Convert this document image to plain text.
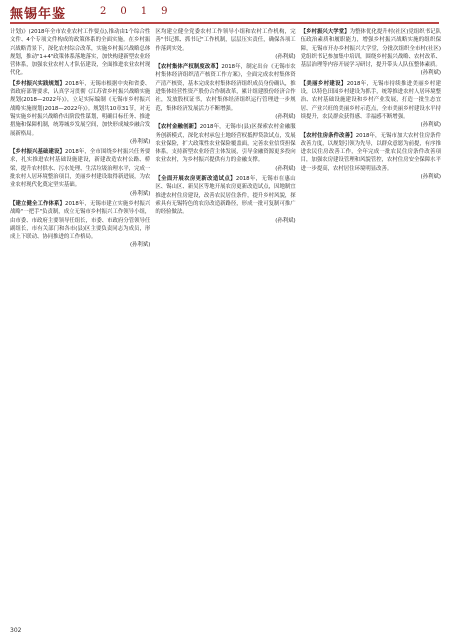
無锡年鉴	2019
计划)》(2018年全市农业农村工作要点),推动由1个综合性文件、4个专项文件构成的政策体系的全面实施。在乡村振兴战略背景下，深化农村综合改革，实施乡村振兴战略总体规划，推动"1+4"政策体系落地落实，加快构建新型农业经营体系，加强农业农村人才队伍建设，全面推进农业农村现代化。
【乡村振兴实践规划】2018年，无锡市根据中央和省委、省政府部署要求，认真学习贯彻《江苏省乡村振兴战略实施规划(2018—2022年)》，立足实际编制《无锡市乡村振兴战略实施规划(2018—2022年)》。规划共10章31节，对无锡实施乡村振兴战略作出阶段性谋划，明确目标任务、推进措施和保障机制，统筹城乡发展空间，加快形成城乡融合发展新格局。
(孙利斌)
【乡村振兴基础建设】2018年，全市围绕乡村振兴任务要求，扎实推进农村基础设施建设，新建改造农村公路、桥梁，提升农村供水、污水处理、生活垃圾治理水平，完成一批农村人居环境整治项目，美丽乡村建设取得新进展，为农业农村现代化奠定坚实基础。
(孙利斌)
【建立健全工作体系】2018年，无锡市建立实施乡村振兴战略"一把手"负责制，成立无锡市乡村振兴工作领导小组，由市委、市政府主要领导任组长，市委、市政府分管领导任副组长，市有关部门和各市(县)区主要负责同志为成员，形成上下联动、协同推进的工作格局。
(孙利斌)
区均建立健全党委农村工作领导小组和农村工作机构，完善"书记抓、抓书记"工作机制，层层压实责任，确保各项工作落到实处。
(孙利斌)
【农村集体产权制度改革】2018年，制定出台《无锡市农村集体经济组织清产核资工作方案》，全面完成农村集体资产清产核资，基本完成农村集体经济组织成员身份确认，推进集体经营性资产股份合作制改革，累计组建股份经济合作社，发放股权证书，农村集体经济组织运行管理进一步规范，集体经济发展活力不断增强。
(孙利斌)
【农村金融创新】2018年，无锡市(县)区探索农村金融服务创新模式，深化农村承包土地经营权抵押贷款试点，发展农业保险，扩大政策性农业保险覆盖面，完善农业信贷担保体系，支持新型农业经营主体发展，引导金融资源更多投向农业农村，为乡村振兴提供有力的金融支撑。
(孙利斌)
【全面开展农房更新改造试点】2018年，无锡市在惠山区、锡山区、新吴区等地开展农房更新改造试点，因地制宜推进农村住房建设，改善农民居住条件，提升乡村风貌，探索具有无锡特色的农房改造新路径，形成一批可复制可推广的经验做法。
(孙利斌)
【乡村振兴大学堂】为整体优化提升村(社区)党组织书记队伍政治素质和履职能力，增强乡村振兴战略实施的组织保障，无锡市开办乡村振兴大学堂，分批次组织全市村(社区)党组织书记参加集中培训，围绕乡村振兴战略、农村改革、基层治理等内容开展学习研讨，提升带头人队伍整体素质。
(孙利斌)
【美丽乡村建设】2018年，无锡市持续推进美丽乡村建设，以特色田园乡村建设为抓手，统筹推进农村人居环境整治、农村基础设施建设和乡村产业发展，打造一批生态宜居、产业兴旺的美丽乡村示范点，全市美丽乡村建设水平持续提升，农民群众获得感、幸福感不断增强。
(孙利斌)
【农村住房条件改善】2018年，无锡市加大农村住房条件改善力度，以规划引领为先导，以群众意愿为前提，有序推进农民住房改善工作，全年完成一批农民住房条件改善项目，加强农房建设管理和风貌管控，农村住房安全保障水平进一步提高，农村居住环境明显改善。
(孙利斌)
302
